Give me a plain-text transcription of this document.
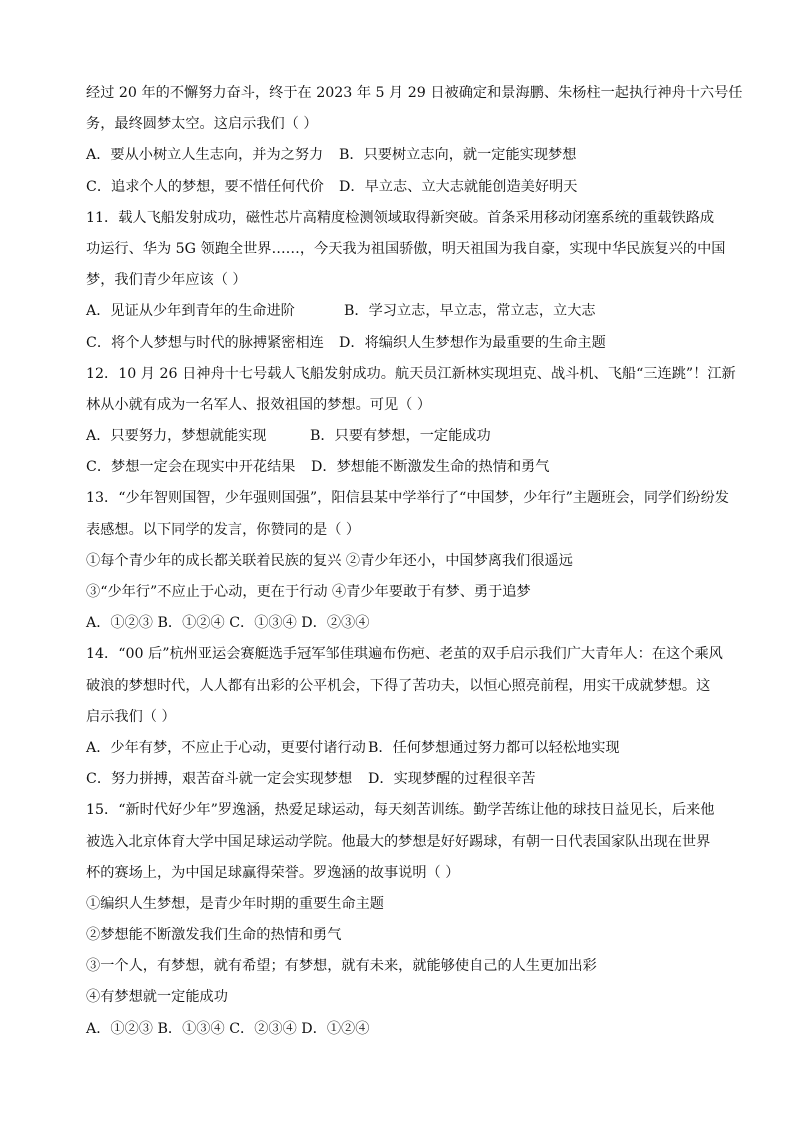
经过 20 年的不懈努力奋斗，终于在 2023 年 5 月 29 日被确定和景海鹏、朱杨柱一起执行神舟十六号任
务，最终圆梦太空。这启示我们（ ）
A．要从小树立人生志向，并为之努力	B．只要树立志向，就一定能实现梦想
C．追求个人的梦想，要不惜任何代价	D．早立志、立大志就能创造美好明天
11．载人飞船发射成功，磁性芯片高精度检测领域取得新突破。首条采用移动闭塞系统的重载铁路成
功运行、华为 5G 领跑全世界……，今天我为祖国骄傲，明天祖国为我自豪，实现中华民族复兴的中国
梦，我们青少年应该（ ）
A．见证从少年到青年的生命进阶	B．学习立志，早立志，常立志，立大志
C．将个人梦想与时代的脉搏紧密相连	D．将编织人生梦想作为最重要的生命主题
12．10 月 26 日神舟十七号载人飞船发射成功。航天员江新林实现坦克、战斗机、飞船“三连跳”！江新
林从小就有成为一名军人、报效祖国的梦想。可见（ ）
A．只要努力，梦想就能实现	B．只要有梦想，一定能成功
C．梦想一定会在现实中开花结果	D．梦想能不断激发生命的热情和勇气
13．“少年智则国智，少年强则国强”，阳信县某中学举行了“中国梦，少年行”主题班会，同学们纷纷发
表感想。以下同学的发言，你赞同的是（ ）
①每个青少年的成长都关联着民族的复兴 ②青少年还小，中国梦离我们很遥远
③“少年行”不应止于心动，更在于行动 ④青少年要敢于有梦、勇于追梦
A．①②③ B．①②④ C．①③④ D．②③④
14．“00 后”杭州亚运会赛艇选手冠军邹佳琪遍布伤疤、老茧的双手启示我们广大青年人：在这个乘风
破浪的梦想时代，人人都有出彩的公平机会，下得了苦功夫，以恒心照亮前程，用实干成就梦想。这
启示我们（ ）
A．少年有梦，不应止于心动，更要付诸行动 B．任何梦想通过努力都可以轻松地实现
C．努力拼搏，艰苦奋斗就一定会实现梦想	D．实现梦醒的过程很辛苦
15．“新时代好少年”罗逸涵，热爱足球运动，每天刻苦训练。勤学苦练让他的球技日益见长，后来他
被选入北京体育大学中国足球运动学院。他最大的梦想是好好踢球，有朝一日代表国家队出现在世界
杯的赛场上，为中国足球赢得荣誉。罗逸涵的故事说明（ ）
①编织人生梦想，是青少年时期的重要生命主题
②梦想能不断激发我们生命的热情和勇气
③一个人，有梦想，就有希望；有梦想，就有未来，就能够使自己的人生更加出彩
④有梦想就一定能成功
A．①②③ B．①③④ C．②③④ D．①②④
